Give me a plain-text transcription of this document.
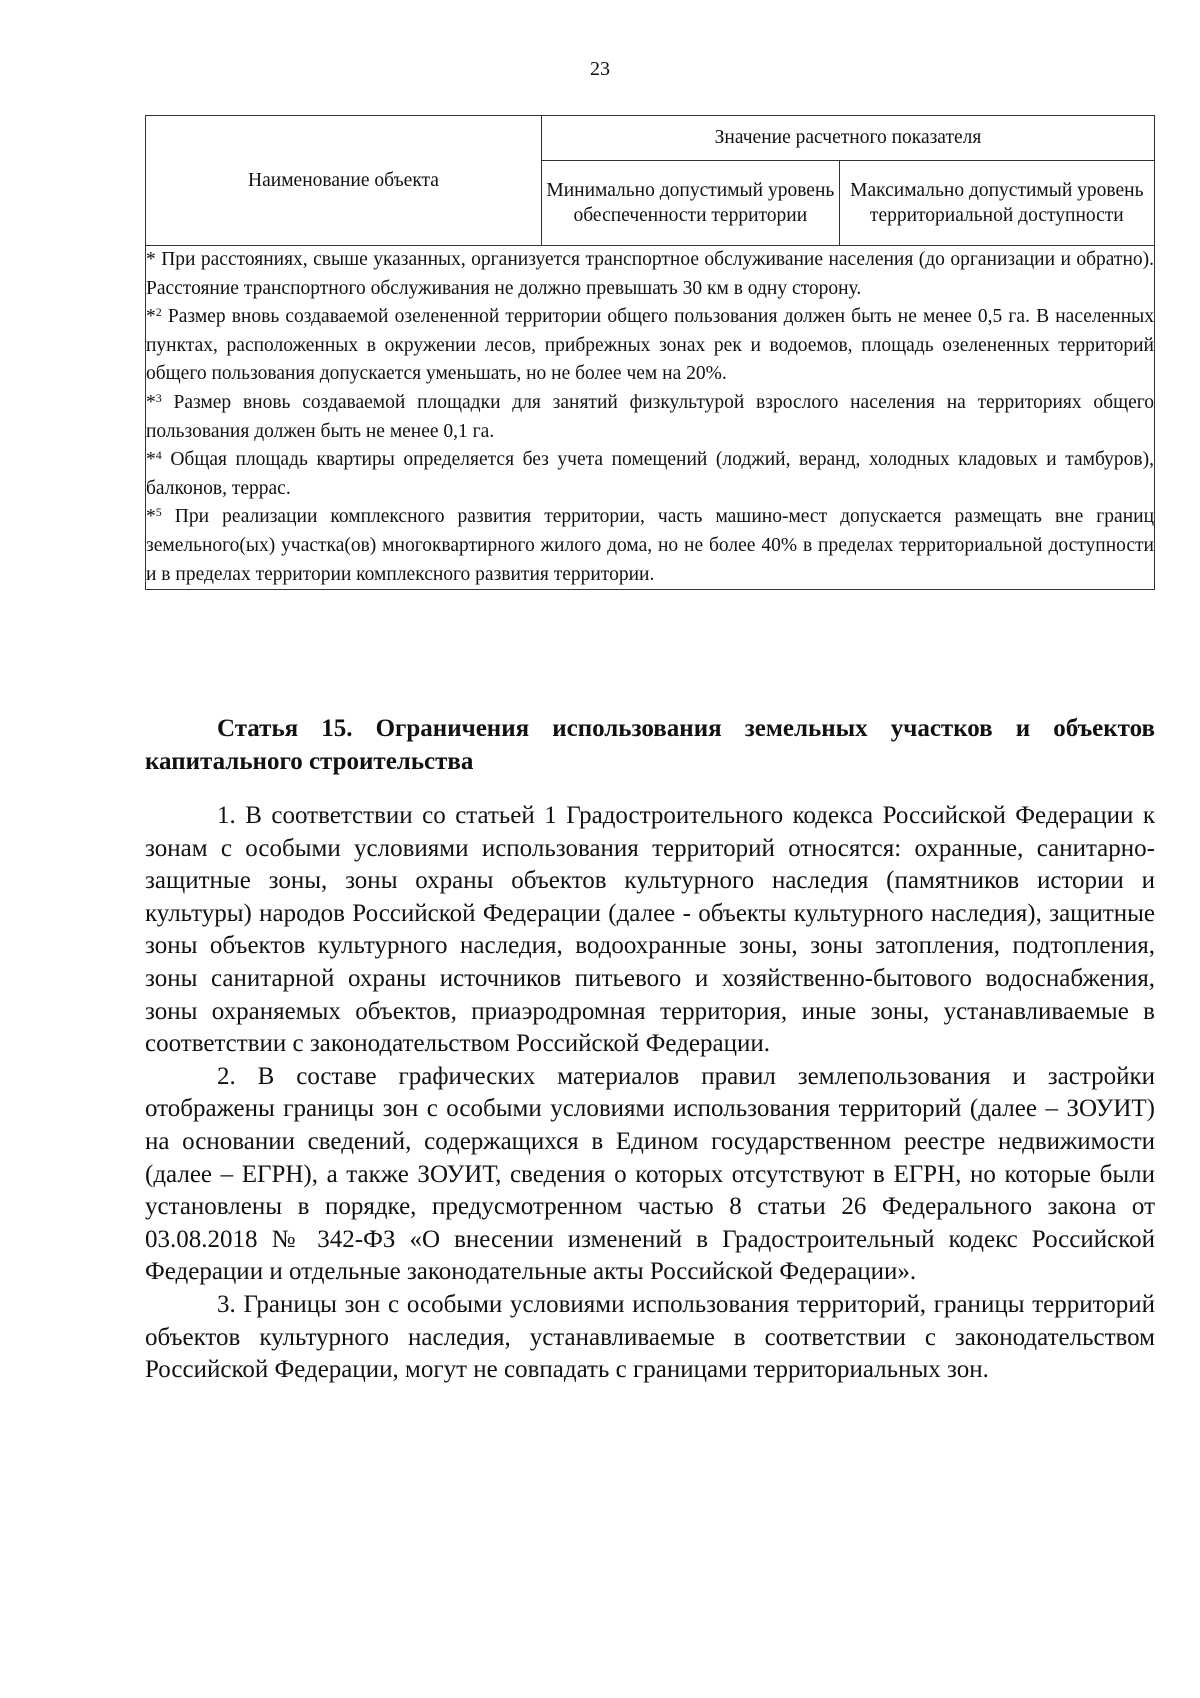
23
Наименование объекта	Значение расчетного показателя	
	Минимально допустимый уровень обеспеченности территории	Максимально допустимый уровень территориальной доступности

* При расстояниях, свыше указанных, организуется транспортное обслуживание населения (до организации и обратно). Расстояние транспортного обслуживания не должно превышать 30 км в одну сторону.

*$^2$ Размер вновь создаваемой озелененной территории общего пользования должен быть не менее 0,5 га. В населенных пунктах, расположенных в окружении лесов, прибрежных зонах рек и водоемов, площадь озелененных территорий общего пользования допускается уменьшать, но не более чем на 20%.

*$^3$ Размер вновь создаваемой площадки для занятий физкультурой взрослого населения на территориях общего пользования должен быть не менее 0,1 га.

*$^4$ Общая площадь квартиры определяется без учета помещений (лоджий, веранд, холодных кладовых и тамбуров), балконов, террас.

*$^5$ При реализации комплексного развития территории, часть машино-мест допускается размещать вне границ земельного(ых) участка(ов) многоквартирного жилого дома, но не более 40% в пределах территориальной доступности и в пределах территории комплексного развития территории.		

Статья 15. Ограничения использования земельных участков и объектов капитального строительства

1. В соответствии со статьей 1 Градостроительного кодекса Российской Федерации к зонам с особыми условиями использования территорий относятся: охранные, санитарно-защитные зоны, зоны охраны объектов культурного наследия (памятников истории и культуры) народов Российской Федерации (далее - объекты культурного наследия), защитные зоны объектов культурного наследия, водоохранные зоны, зоны затопления, подтопления, зоны санитарной охраны источников питьевого и хозяйственно-бытового водоснабжения, зоны охраняемых объектов, приаэродромная территория, иные зоны, устанавливаемые в соответствии с законодательством Российской Федерации.

2. В составе графических материалов правил землепользования и застройки отображены границы зон с особыми условиями использования территорий (далее – ЗОУИТ) на основании сведений, содержащихся в Едином государственном реестре недвижимости (далее – ЕГРН), а также ЗОУИТ, сведения о которых отсутствуют в ЕГРН, но которые были установлены в порядке, предусмотренном частью 8 статьи 26 Федерального закона от 03.08.2018 № 342-ФЗ «О внесении изменений в Градостроительный кодекс Российской Федерации и отдельные законодательные акты Российской Федерации».

3. Границы зон с особыми условиями использования территорий, границы территорий объектов культурного наследия, устанавливаемые в соответствии с законодательством Российской Федерации, могут не совпадать с границами территориальных зон.
